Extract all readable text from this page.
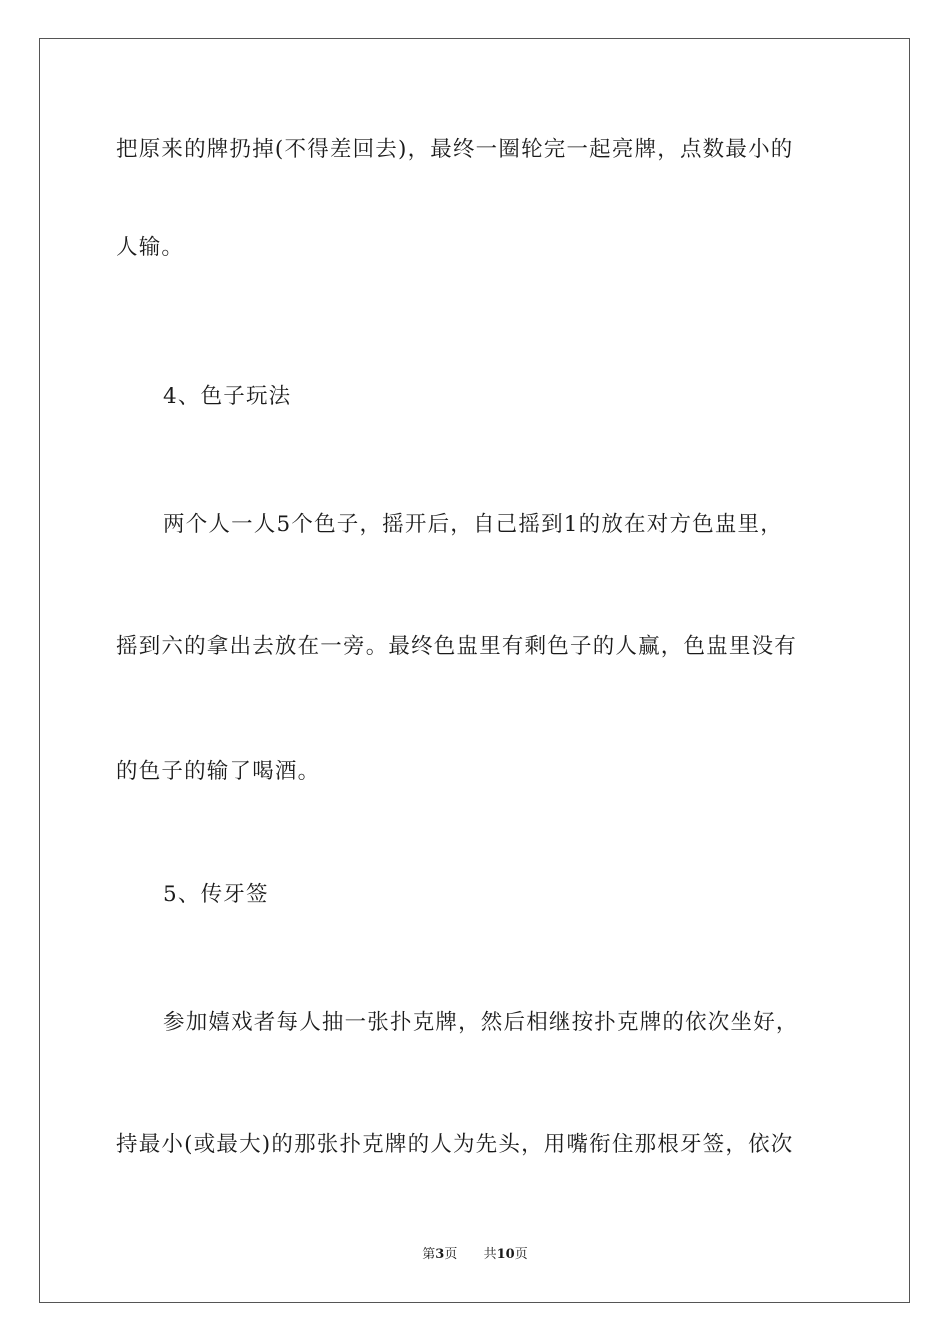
把原来的牌扔掉(不得差回去)，最终一圈轮完一起亮牌，点数最小的
人输。
4、色子玩法
两个人一人5个色子，摇开后，自己摇到1的放在对方色盅里，
摇到六的拿出去放在一旁。最终色盅里有剩色子的人赢，色盅里没有
的色子的输了喝酒。
5、传牙签
参加嬉戏者每人抽一张扑克牌，然后相继按扑克牌的依次坐好，
持最小(或最大)的那张扑克牌的人为先头，用嘴衔住那根牙签，依次
第3页 共10页
